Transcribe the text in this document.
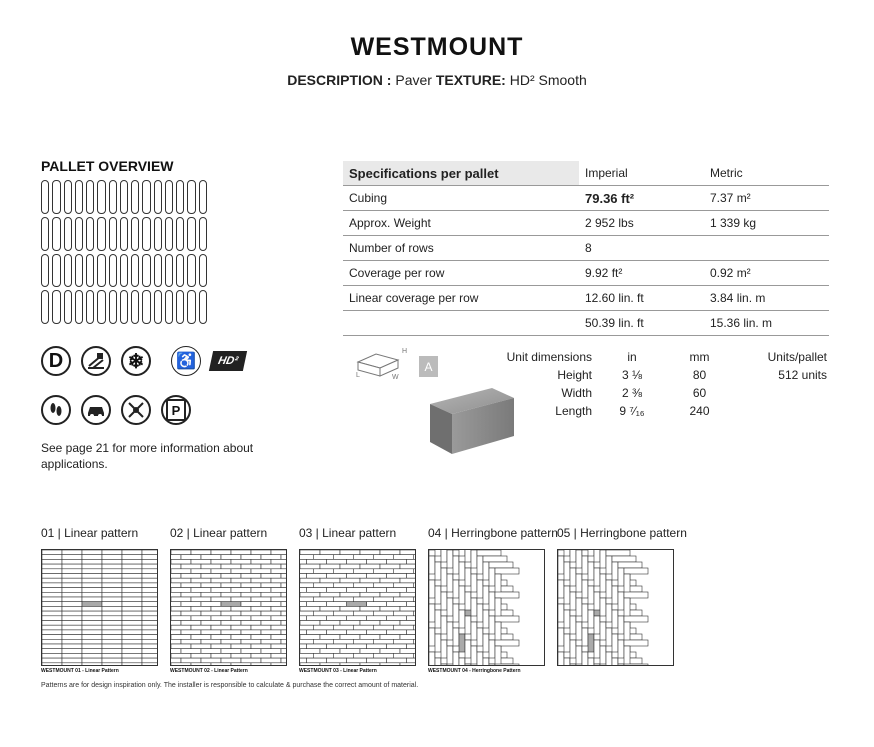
WESTMOUNT
DESCRIPTION : Paver TEXTURE: HD² Smooth
PALLET OVERVIEW
D	❄	♿	HD²
P
See page 21 for more information about
applications.
Specifications per pallet	Imperial	Metric
Cubing	79.36 ft²	7.37 m²
Approx. Weight	2 952 lbs	1 339 kg
Number of rows	8	
Coverage per row	9.92 ft²	0.92 m²
Linear coverage per row	12.60 lin. ft	3.84 lin. m
	50.39 lin. ft	15.36 lin. m
H
L	W
A
Unit dimensions	in	mm	Units/pallet
Height	3 ⅛	80	512 units
Width	2 ⅜	60
Length	9 ⁷⁄₁₆	240
01 | Linear pattern
WESTMOUNT 01 - Linear Pattern
02 | Linear pattern
WESTMOUNT 02 - Linear Pattern
03 | Linear pattern
WESTMOUNT 03 - Linear Pattern
04 | Herringbone pattern
WESTMOUNT 04 - Herringbone Pattern
05 | Herringbone pattern
Patterns are for design inspiration only. The installer is responsible to calculate & purchase the correct amount of material.
